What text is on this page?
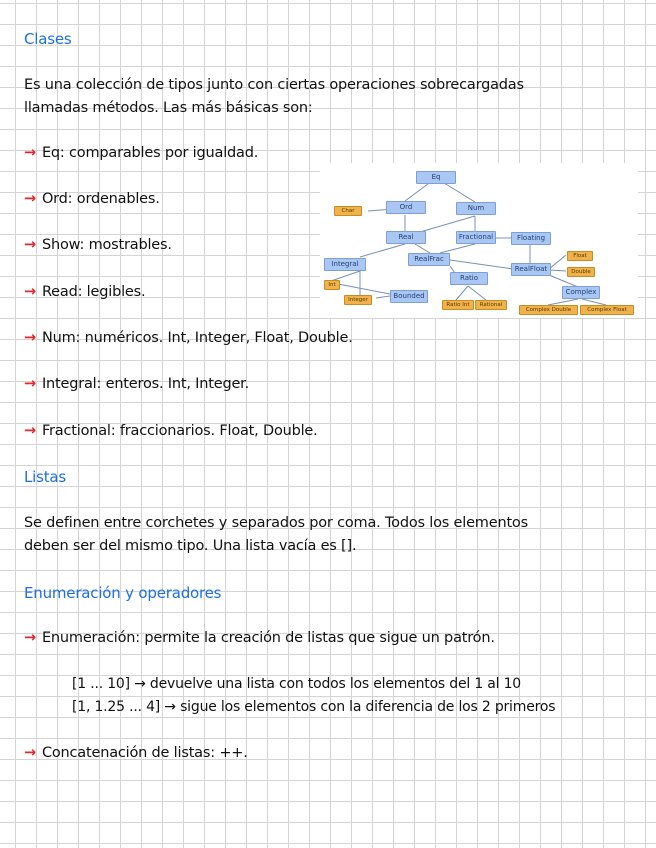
Clases
Es una colección de tipos junto con ciertas operaciones sobrecargadas
llamadas métodos. Las más básicas son:
→ Eq: comparables por igualdad.
→ Ord: ordenables.
→ Show: mostrables.
→ Read: legibles.
→ Num: numéricos. Int, Integer, Float, Double.
→ Integral: enteros. Int, Integer.
→ Fractional: fraccionarios. Float, Double.
Eq
Ord	Num
Char
Real	Fractional	Floating
Integral
RealFrac
Ratio
RealFloat
Float
Double
Int
Integer	Bounded
Ratio Int	Rational
Complex
Complex Double	Complex Float
Listas
Se definen entre corchetes y separados por coma. Todos los elementos
deben ser del mismo tipo. Una lista vacía es [].
Enumeración y operadores
→ Enumeración: permite la creación de listas que sigue un patrón.
[1 ... 10] → devuelve una lista con todos los elementos del 1 al 10
[1, 1.25 ... 4] → sigue los elementos con la diferencia de los 2 primeros
→ Concatenación de listas: ++.
